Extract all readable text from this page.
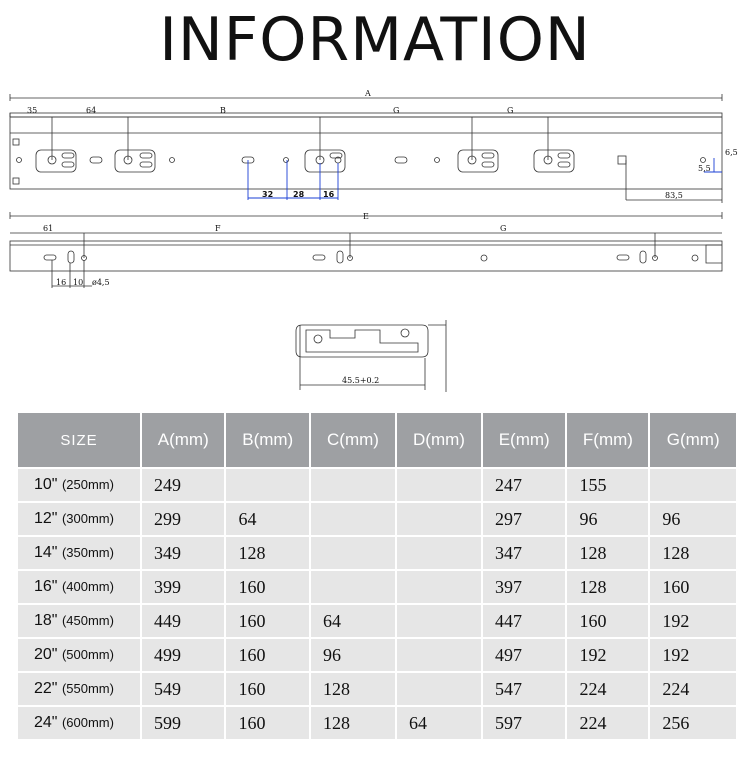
INFORMATION
A
35	64	B	G	G
6,5
5,5
83,5
32 28 16
E
61	F	G
16 10 ø4,5
45.5+0.2
SIZE	A(mm)	B(mm)	C(mm)	D(mm)	E(mm)	F(mm)	G(mm)
10" (250mm)	249				247	155	
12" (300mm)	299	64			297	96	96
14" (350mm)	349	128			347	128	128
16" (400mm)	399	160			397	128	160
18" (450mm)	449	160	64		447	160	192
20" (500mm)	499	160	96		497	192	192
22" (550mm)	549	160	128		547	224	224
24" (600mm)	599	160	128	64	597	224	256
